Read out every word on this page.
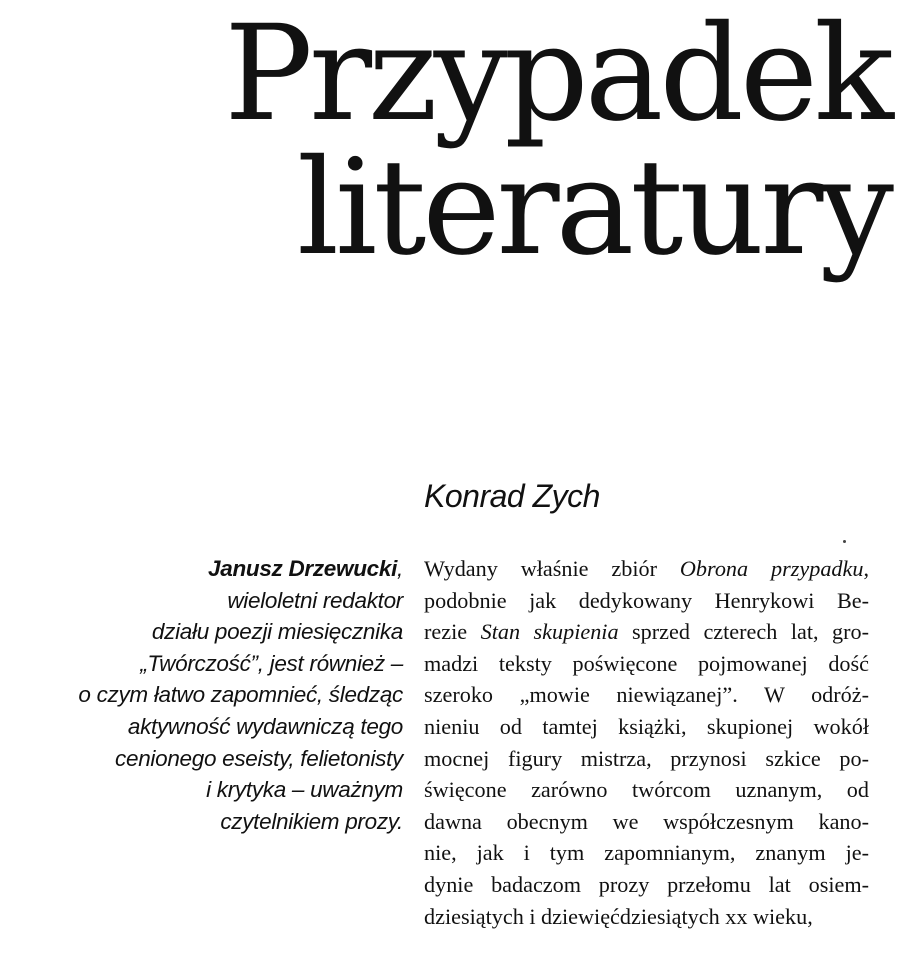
Przypadek
literatury
Konrad Zych
Janusz Drzewucki,
wieloletni redaktor
działu poezji miesięcznika
„Twórczość”, jest również –
o czym łatwo zapomnieć, śledząc
aktywność wydawniczą tego
cenionego eseisty, felietonisty
i krytyka – uważnym
czytelnikiem prozy.
Wydany właśnie zbiór Obrona przypadku,
podobnie jak dedykowany Henrykowi Be-
rezie Stan skupienia sprzed czterech lat, gro-
madzi teksty poświęcone pojmowanej dość
szeroko „mowie niewiązanej”. W odróż-
nieniu od tamtej książki, skupionej wokół
mocnej figury mistrza, przynosi szkice po-
święcone zarówno twórcom uznanym, od
dawna obecnym we współczesnym kano-
nie, jak i tym zapomnianym, znanym je-
dynie badaczom prozy przełomu lat osiem-
dziesiątych i dziewięćdziesiątych xx wieku,
